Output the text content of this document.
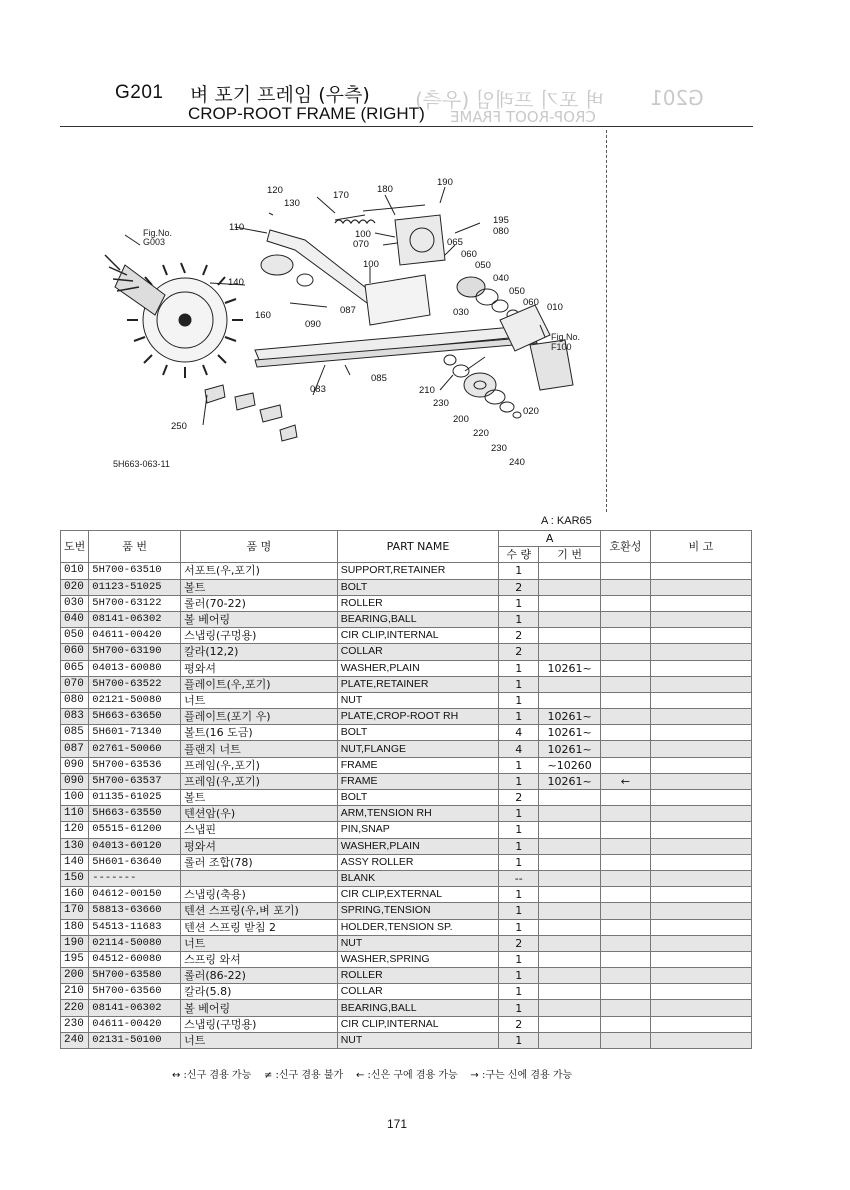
G201
벼 포기 프레임 (우측)
CROP-ROOT FRAME
G201 벼 포기 프레임 (우측)
CROP-ROOT FRAME (RIGHT)
120
130
170
180
190
110
195
080
100
070	065
060
050
100
040
050
060 010
140
087	030
160
090
085
083	210
230
200
220
230
240
250
020
Fig.No.
G003
Fig.No.
F100
5H663-063-11
A : KAR65
도번	품 번	품 명	PART NAME	A		호환성	비 고
				수 량	기 번		
010	5H700-63510	서포트(우,포기)	SUPPORT,RETAINER	1			
020	01123-51025	볼트	BOLT	2			
030	5H700-63122	롤러(70-22)	ROLLER	1			
040	08141-06302	볼 베어링	BEARING,BALL	1			
050	04611-00420	스냅링(구멍용)	CIR CLIP,INTERNAL	2			
060	5H700-63190	칼라(12,2)	COLLAR	2			
065	04013-60080	평와셔	WASHER,PLAIN	1	10261~		
070	5H700-63522	플레이트(우,포기)	PLATE,RETAINER	1			
080	02121-50080	너트	NUT	1			
083	5H663-63650	플레이트(포기 우)	PLATE,CROP-ROOT RH	1	10261~		
085	5H601-71340	볼트(16 도금)	BOLT	4	10261~		
087	02761-50060	플랜지 너트	NUT,FLANGE	4	10261~		
090	5H700-63536	프레임(우,포기)	FRAME	1	~10260		
090	5H700-63537	프레임(우,포기)	FRAME	1	10261~	←	
100	01135-61025	볼트	BOLT	2			
110	5H663-63550	텐션암(우)	ARM,TENSION RH	1			
120	05515-61200	스냅핀	PIN,SNAP	1			
130	04013-60120	평와셔	WASHER,PLAIN	1			
140	5H601-63640	롤러 조합(78)	ASSY ROLLER	1			
150	-------		BLANK	--			
160	04612-00150	스냅링(축용)	CIR CLIP,EXTERNAL	1			
170	58813-63660	텐션 스프링(우,벼 포기)	SPRING,TENSION	1			
180	54513-11683	텐션 스프링 받침 2	HOLDER,TENSION SP.	1			
190	02114-50080	너트	NUT	2			
195	04512-60080	스프링 와셔	WASHER,SPRING	1			
200	5H700-63580	롤러(86-22)	ROLLER	1			
210	5H700-63560	칼라(5.8)	COLLAR	1			
220	08141-06302	볼 베어링	BEARING,BALL	1			
230	04611-00420	스냅링(구멍용)	CIR CLIP,INTERNAL	2			
240	02131-50100	너트	NUT	1			
↔ :신구 겸용 가능 ≠ :신구 겸용 불가 ← :신은 구에 겸용 가능 → :구는 신에 겸용 가능
171
